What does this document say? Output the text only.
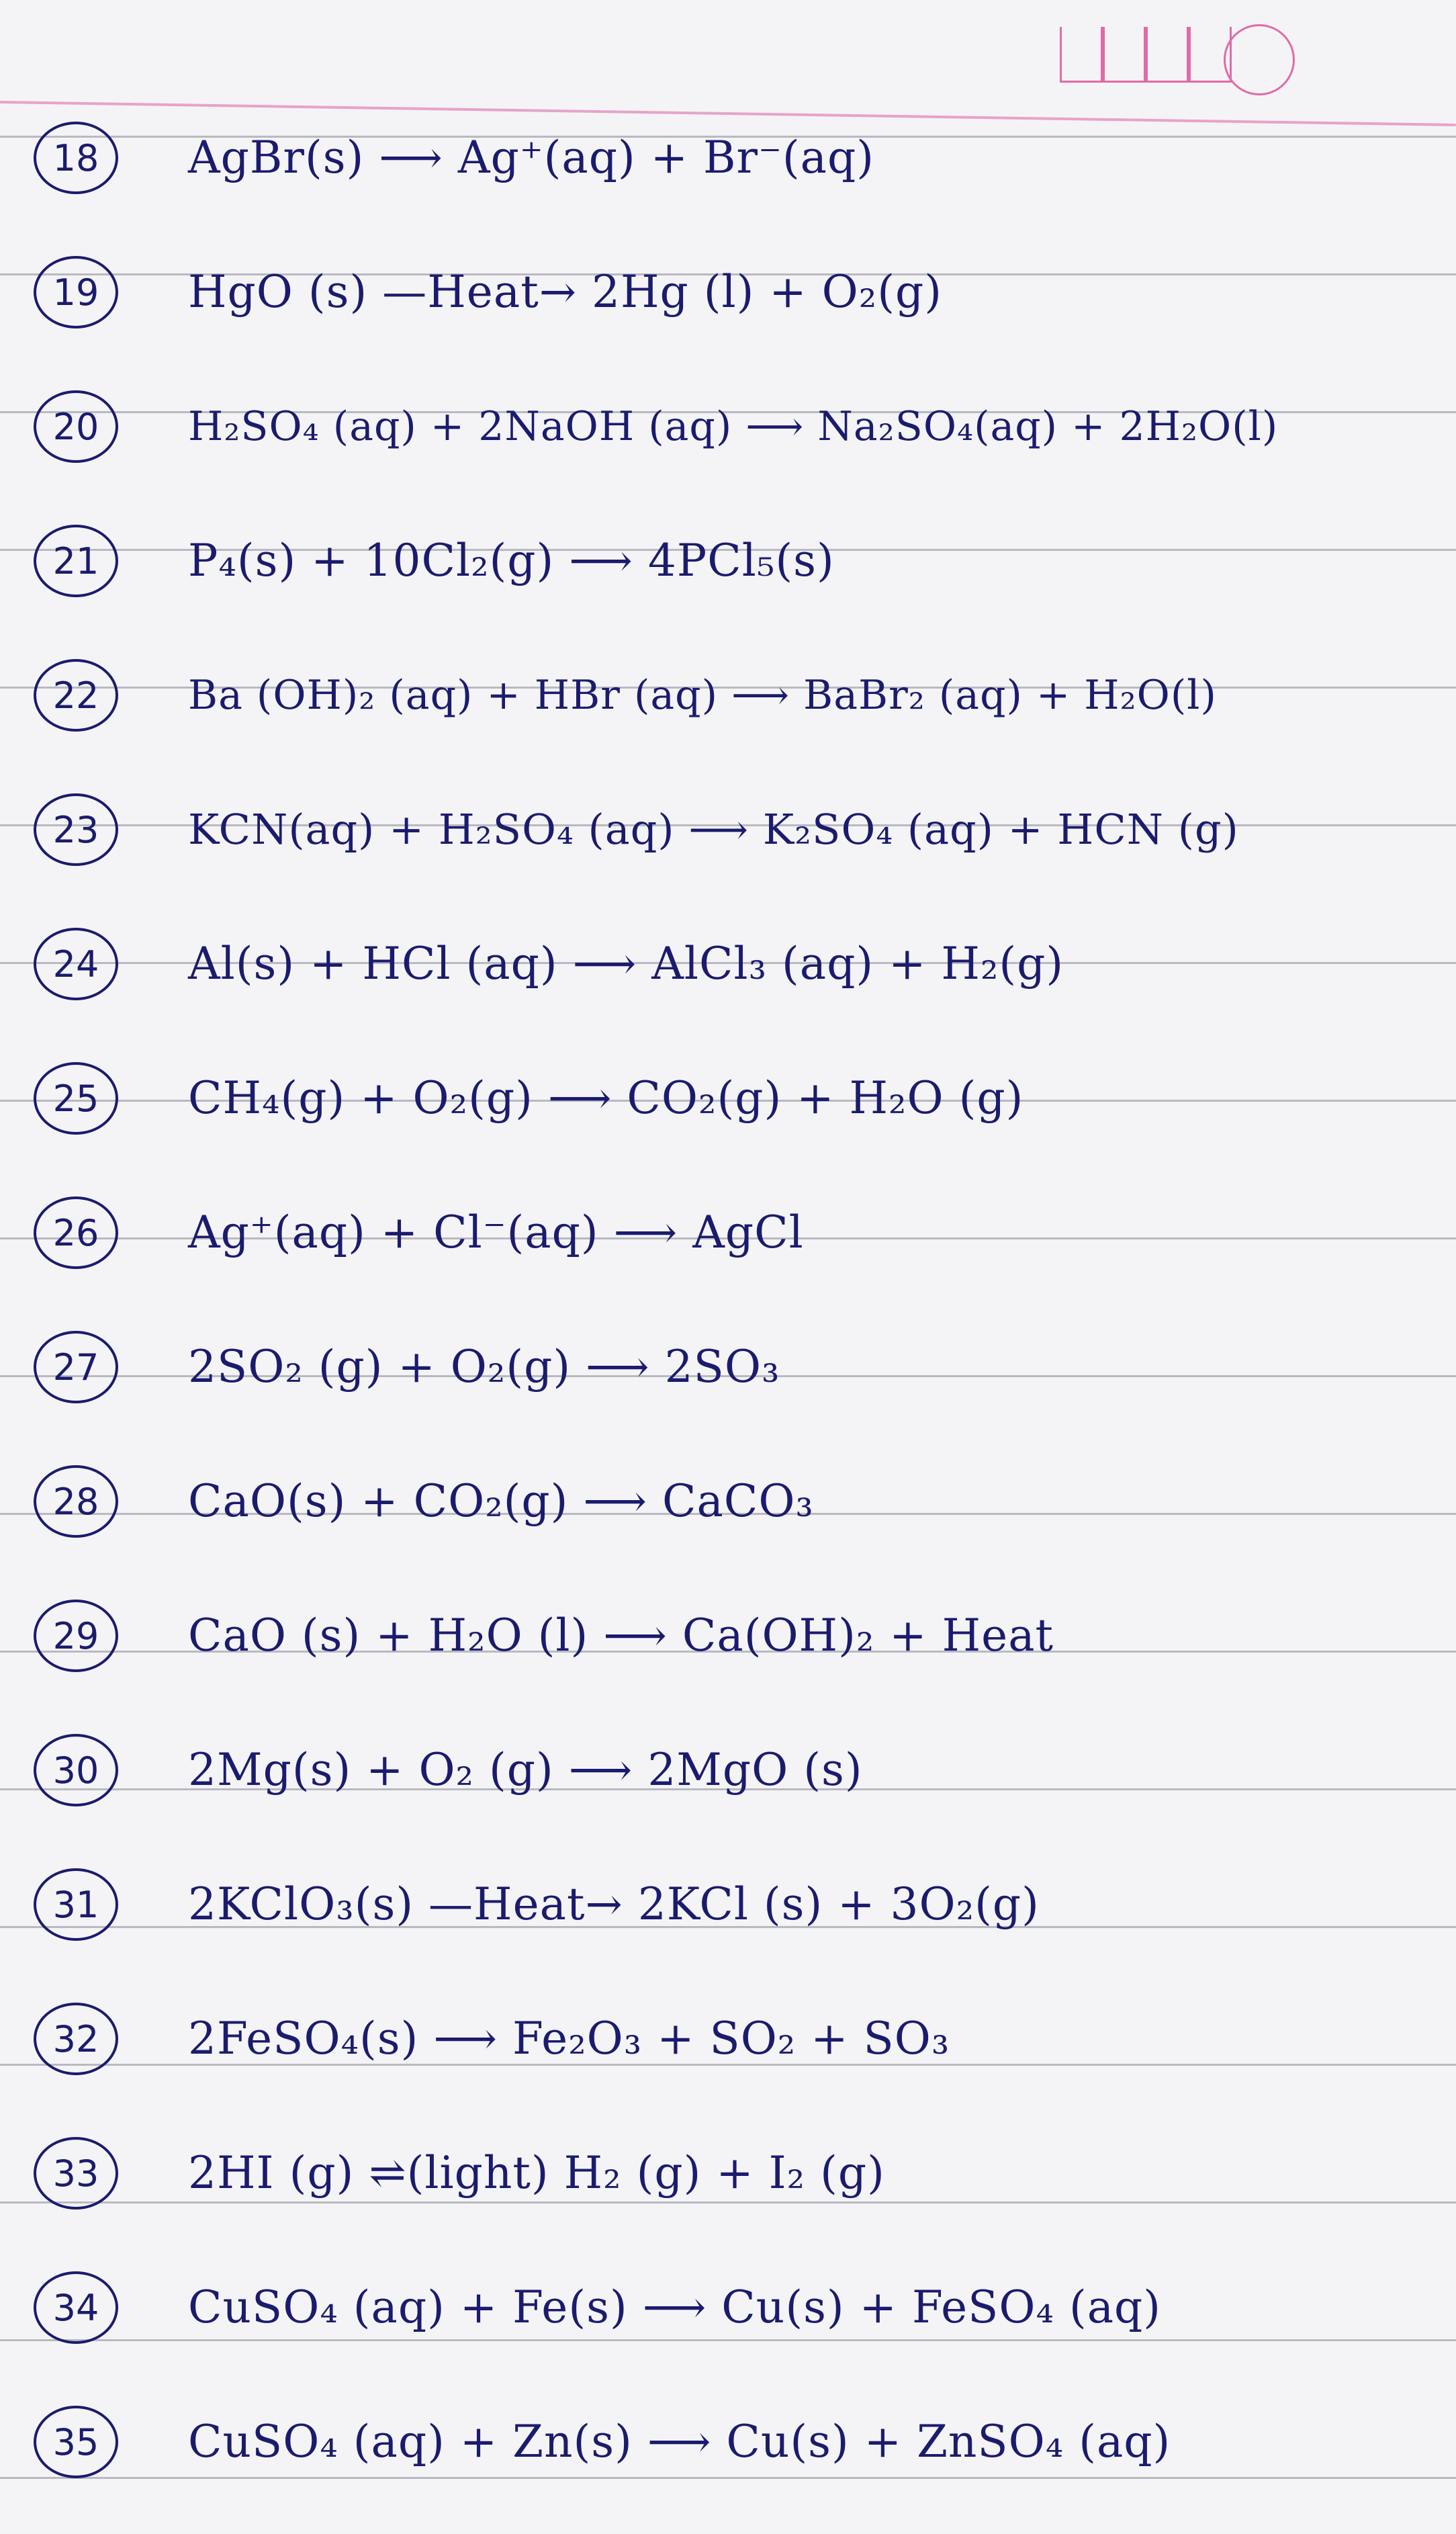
18	AgBr(s) ⟶ Ag⁺(aq) + Br⁻(aq)
19	HgO (s) —Heat→ 2Hg (l) + O₂(g)
20	H₂SO₄ (aq) + 2NaOH (aq) ⟶ Na₂SO₄(aq) + 2H₂O(l)
21	P₄(s) + 10Cl₂(g) ⟶ 4PCl₅(s)
22	Ba (OH)₂ (aq) + HBr (aq) ⟶ BaBr₂ (aq) + H₂O(l)
23	KCN(aq) + H₂SO₄ (aq) ⟶ K₂SO₄ (aq) + HCN (g)
24	Al(s) + HCl (aq) ⟶ AlCl₃ (aq) + H₂(g)
25	CH₄(g) + O₂(g) ⟶ CO₂(g) + H₂O (g)
26	Ag⁺(aq) + Cl⁻(aq) ⟶ AgCl
27	2SO₂ (g) + O₂(g) ⟶ 2SO₃
28	CaO(s) + CO₂(g) ⟶ CaCO₃
29	CaO (s) + H₂O (l) ⟶ Ca(OH)₂ + Heat
30	2Mg(s) + O₂ (g) ⟶ 2MgO (s)
31	2KClO₃(s) —Heat→ 2KCl (s) + 3O₂(g)
32	2FeSO₄(s) ⟶ Fe₂O₃ + SO₂ + SO₃
33	2HI (g) ⇌(light) H₂ (g) + I₂ (g)
34	CuSO₄ (aq) + Fe(s) ⟶ Cu(s) + FeSO₄ (aq)
35	CuSO₄ (aq) + Zn(s) ⟶ Cu(s) + ZnSO₄ (aq)
